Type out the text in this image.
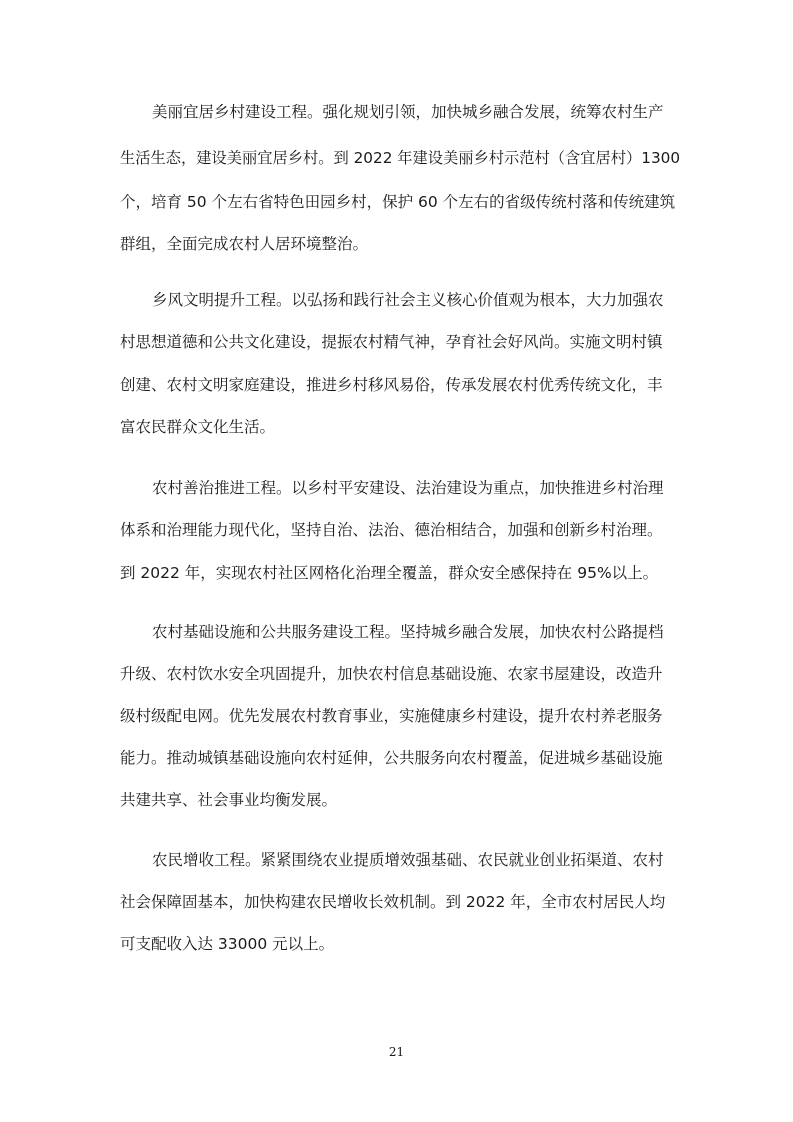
美丽宜居乡村建设工程。强化规划引领，加快城乡融合发展，统筹农村生产
生活生态，建设美丽宜居乡村。到 2022 年建设美丽乡村示范村（含宜居村）1300
个，培育 50 个左右省特色田园乡村，保护 60 个左右的省级传统村落和传统建筑
群组，全面完成农村人居环境整治。
乡风文明提升工程。以弘扬和践行社会主义核心价值观为根本，大力加强农
村思想道德和公共文化建设，提振农村精气神，孕育社会好风尚。实施文明村镇
创建、农村文明家庭建设，推进乡村移风易俗，传承发展农村优秀传统文化，丰
富农民群众文化生活。
农村善治推进工程。以乡村平安建设、法治建设为重点，加快推进乡村治理
体系和治理能力现代化，坚持自治、法治、德治相结合，加强和创新乡村治理。
到 2022 年，实现农村社区网格化治理全覆盖，群众安全感保持在 95%以上。
农村基础设施和公共服务建设工程。坚持城乡融合发展，加快农村公路提档
升级、农村饮水安全巩固提升，加快农村信息基础设施、农家书屋建设，改造升
级村级配电网。优先发展农村教育事业，实施健康乡村建设，提升农村养老服务
能力。推动城镇基础设施向农村延伸，公共服务向农村覆盖，促进城乡基础设施
共建共享、社会事业均衡发展。
农民增收工程。紧紧围绕农业提质增效强基础、农民就业创业拓渠道、农村
社会保障固基本，加快构建农民增收长效机制。到 2022 年，全市农村居民人均
可支配收入达 33000 元以上。
21
